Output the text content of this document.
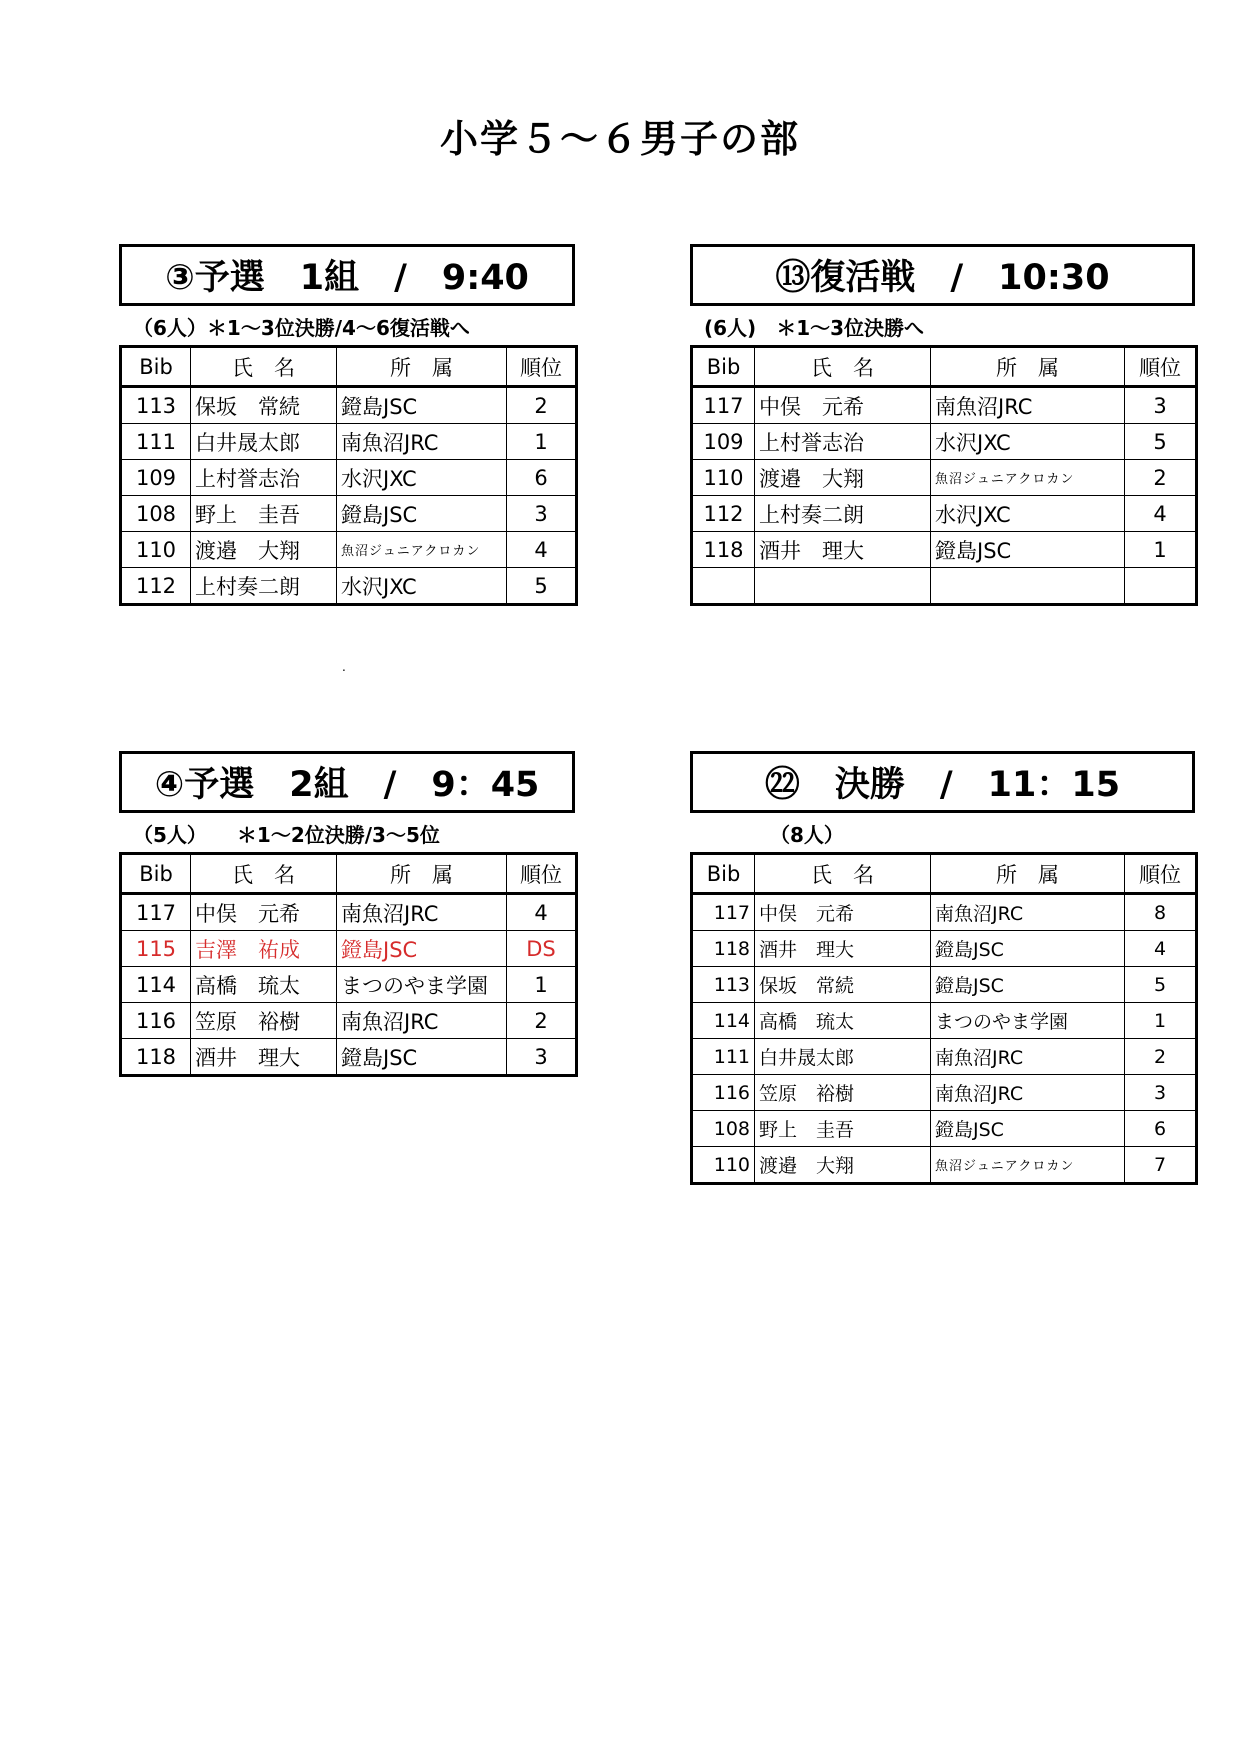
小学５～６男子の部
③予選　1組　/　9:40
（6人）＊1～3位決勝/4～6復活戦へ
Bib	氏　名	所　属	順位
113	保坂　常続	鐙島JSC	2
111	白井晟太郎	南魚沼JRC	1
109	上村誉志治	水沢JXC	6
108	野上　圭吾	鐙島JSC	3
110	渡邉　大翔	魚沼ジュニアクロカン	4
112	上村奏二朗	水沢JXC	5
⑬復活戦　/　10:30
(6人)　＊1～3位決勝へ
Bib	氏　名	所　属	順位
117	中俣　元希	南魚沼JRC	3
109	上村誉志治	水沢JXC	5
110	渡邉　大翔	魚沼ジュニアクロカン	2
112	上村奏二朗	水沢JXC	4
118	酒井　理大	鐙島JSC	1

.
④予選　2組　/　9：45
（5人）　　＊1～2位決勝/3～5位
Bib	氏　名	所　属	順位
117	中俣　元希	南魚沼JRC	4
115	吉澤　祐成	鐙島JSC	DS
114	高橋　琉太	まつのやま学園	1
116	笠原　裕樹	南魚沼JRC	2
118	酒井　理大	鐙島JSC	3
㉒　決勝　/　11：15
（8人）
Bib	氏　名	所　属	順位
117	中俣　元希	南魚沼JRC	8
118	酒井　理大	鐙島JSC	4
113	保坂　常続	鐙島JSC	5
114	高橋　琉太	まつのやま学園	1
111	白井晟太郎	南魚沼JRC	2
116	笠原　裕樹	南魚沼JRC	3
108	野上　圭吾	鐙島JSC	6
110	渡邉　大翔	魚沼ジュニアクロカン	7
